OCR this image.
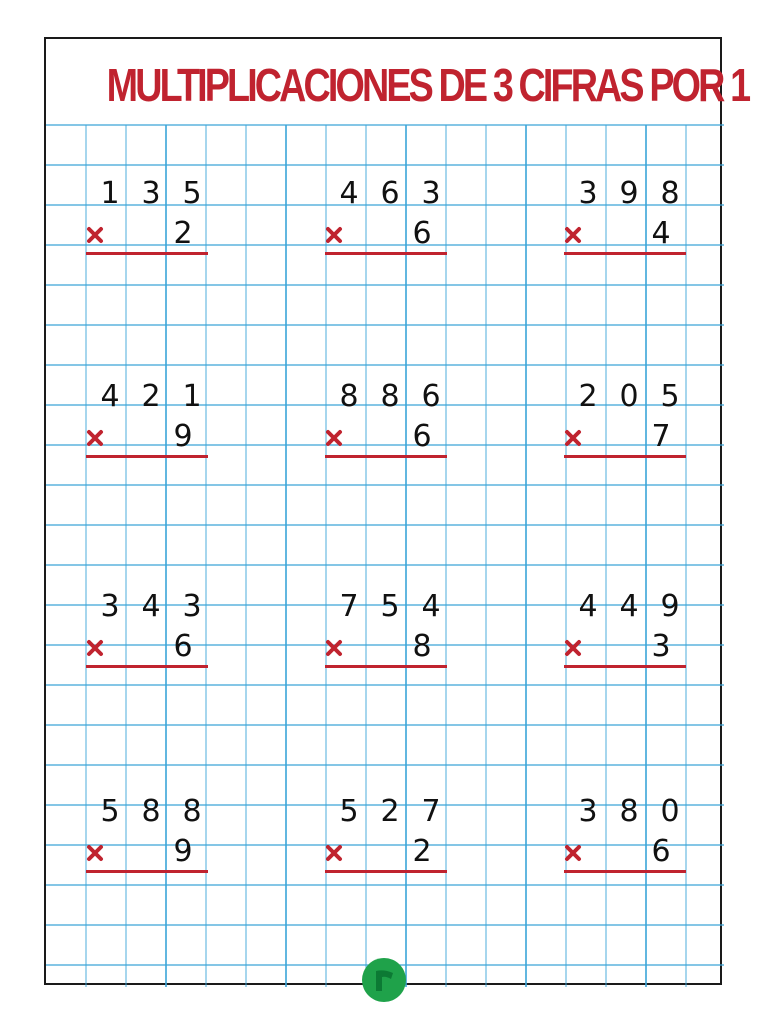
MULTIPLICACIONES DE 3 CIFRAS POR 1
1 3 5
2
4 6 3
6
3 9 8
4
4 2 1
9
8 8 6
6
2 0 5
7
3 4 3
6
7 5 4
8
4 4 9
3
5 8 8
9
5 2 7
2
3 8 0
6
